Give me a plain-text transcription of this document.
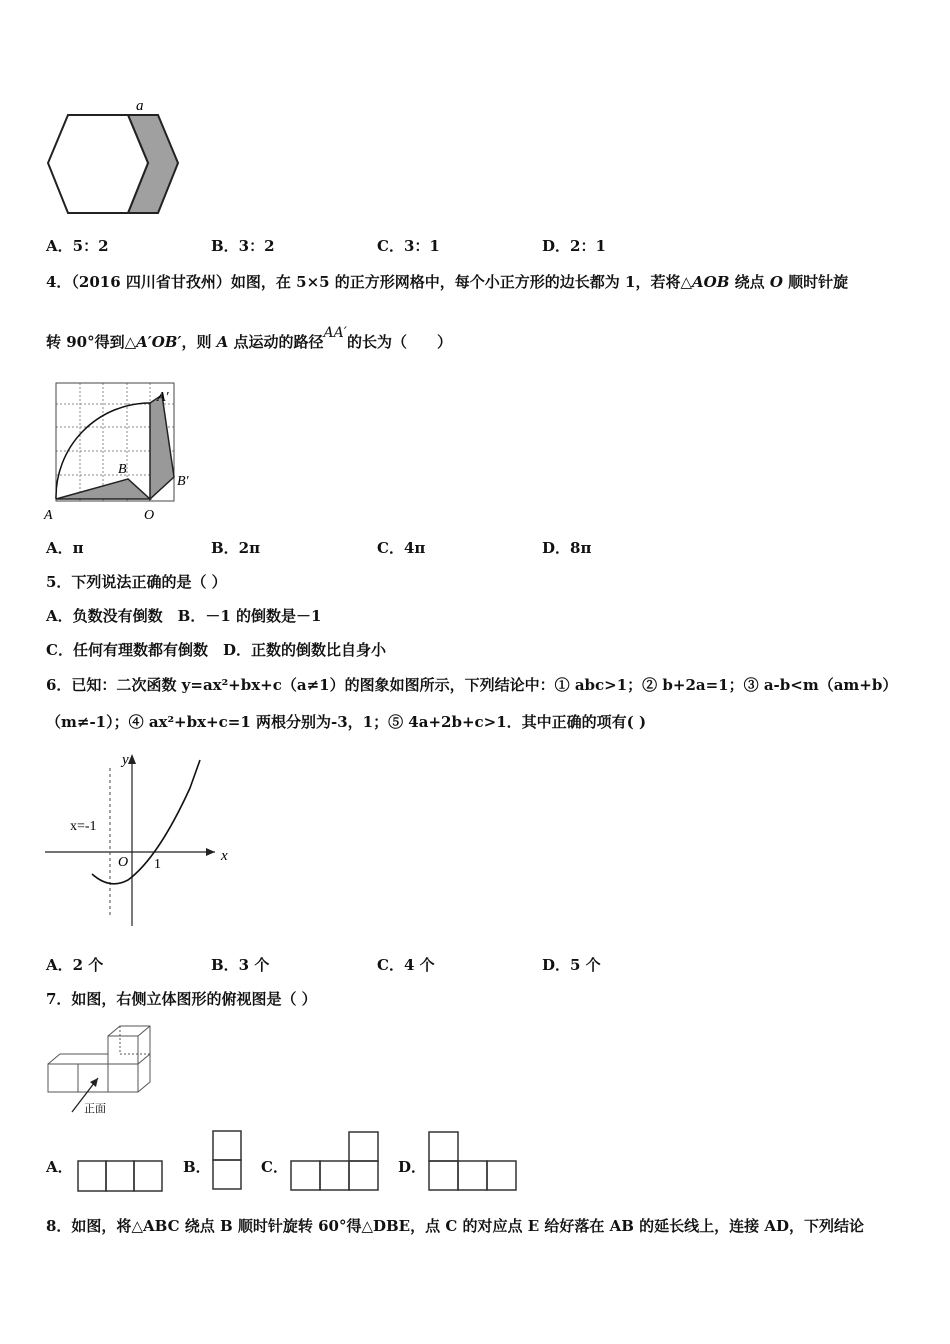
a
A．5：2	B．3：2	C．3：1	D．2：1
4．（2016 四川省甘孜州）如图，在 5×5 的正方形网格中，每个小正方形的边长都为 1，若将△AOB 绕点 O 顺时针旋
转 90°得到△A′OB′，则 A 点运动的路径AA′的长为（　　）
A	O
B
A′
B′
A．π	B．2π	C．4π	D．8π
5．下列说法正确的是（ ）
A．负数没有倒数　B．－1 的倒数是－1
C．任何有理数都有倒数　D．正数的倒数比自身小
6．已知：二次函数 y=ax²+bx+c（a≠1）的图象如图所示，下列结论中：① abc>1；② b+2a=1；③ a-b<m（am+b）
（m≠-1）；④ ax²+bx+c=1 两根分别为-3，1；⑤ 4a+2b+c>1．其中正确的项有( )
y
x
O 1
x=-1
A．2 个	B．3 个	C．4 个	D．5 个
7．如图，右侧立体图形的俯视图是（ ）
正面
A．	B．	C．	D．
8．如图，将△ABC 绕点 B 顺时针旋转 60°得△DBE，点 C 的对应点 E 给好落在 AB 的延长线上，连接 AD，下列结论
